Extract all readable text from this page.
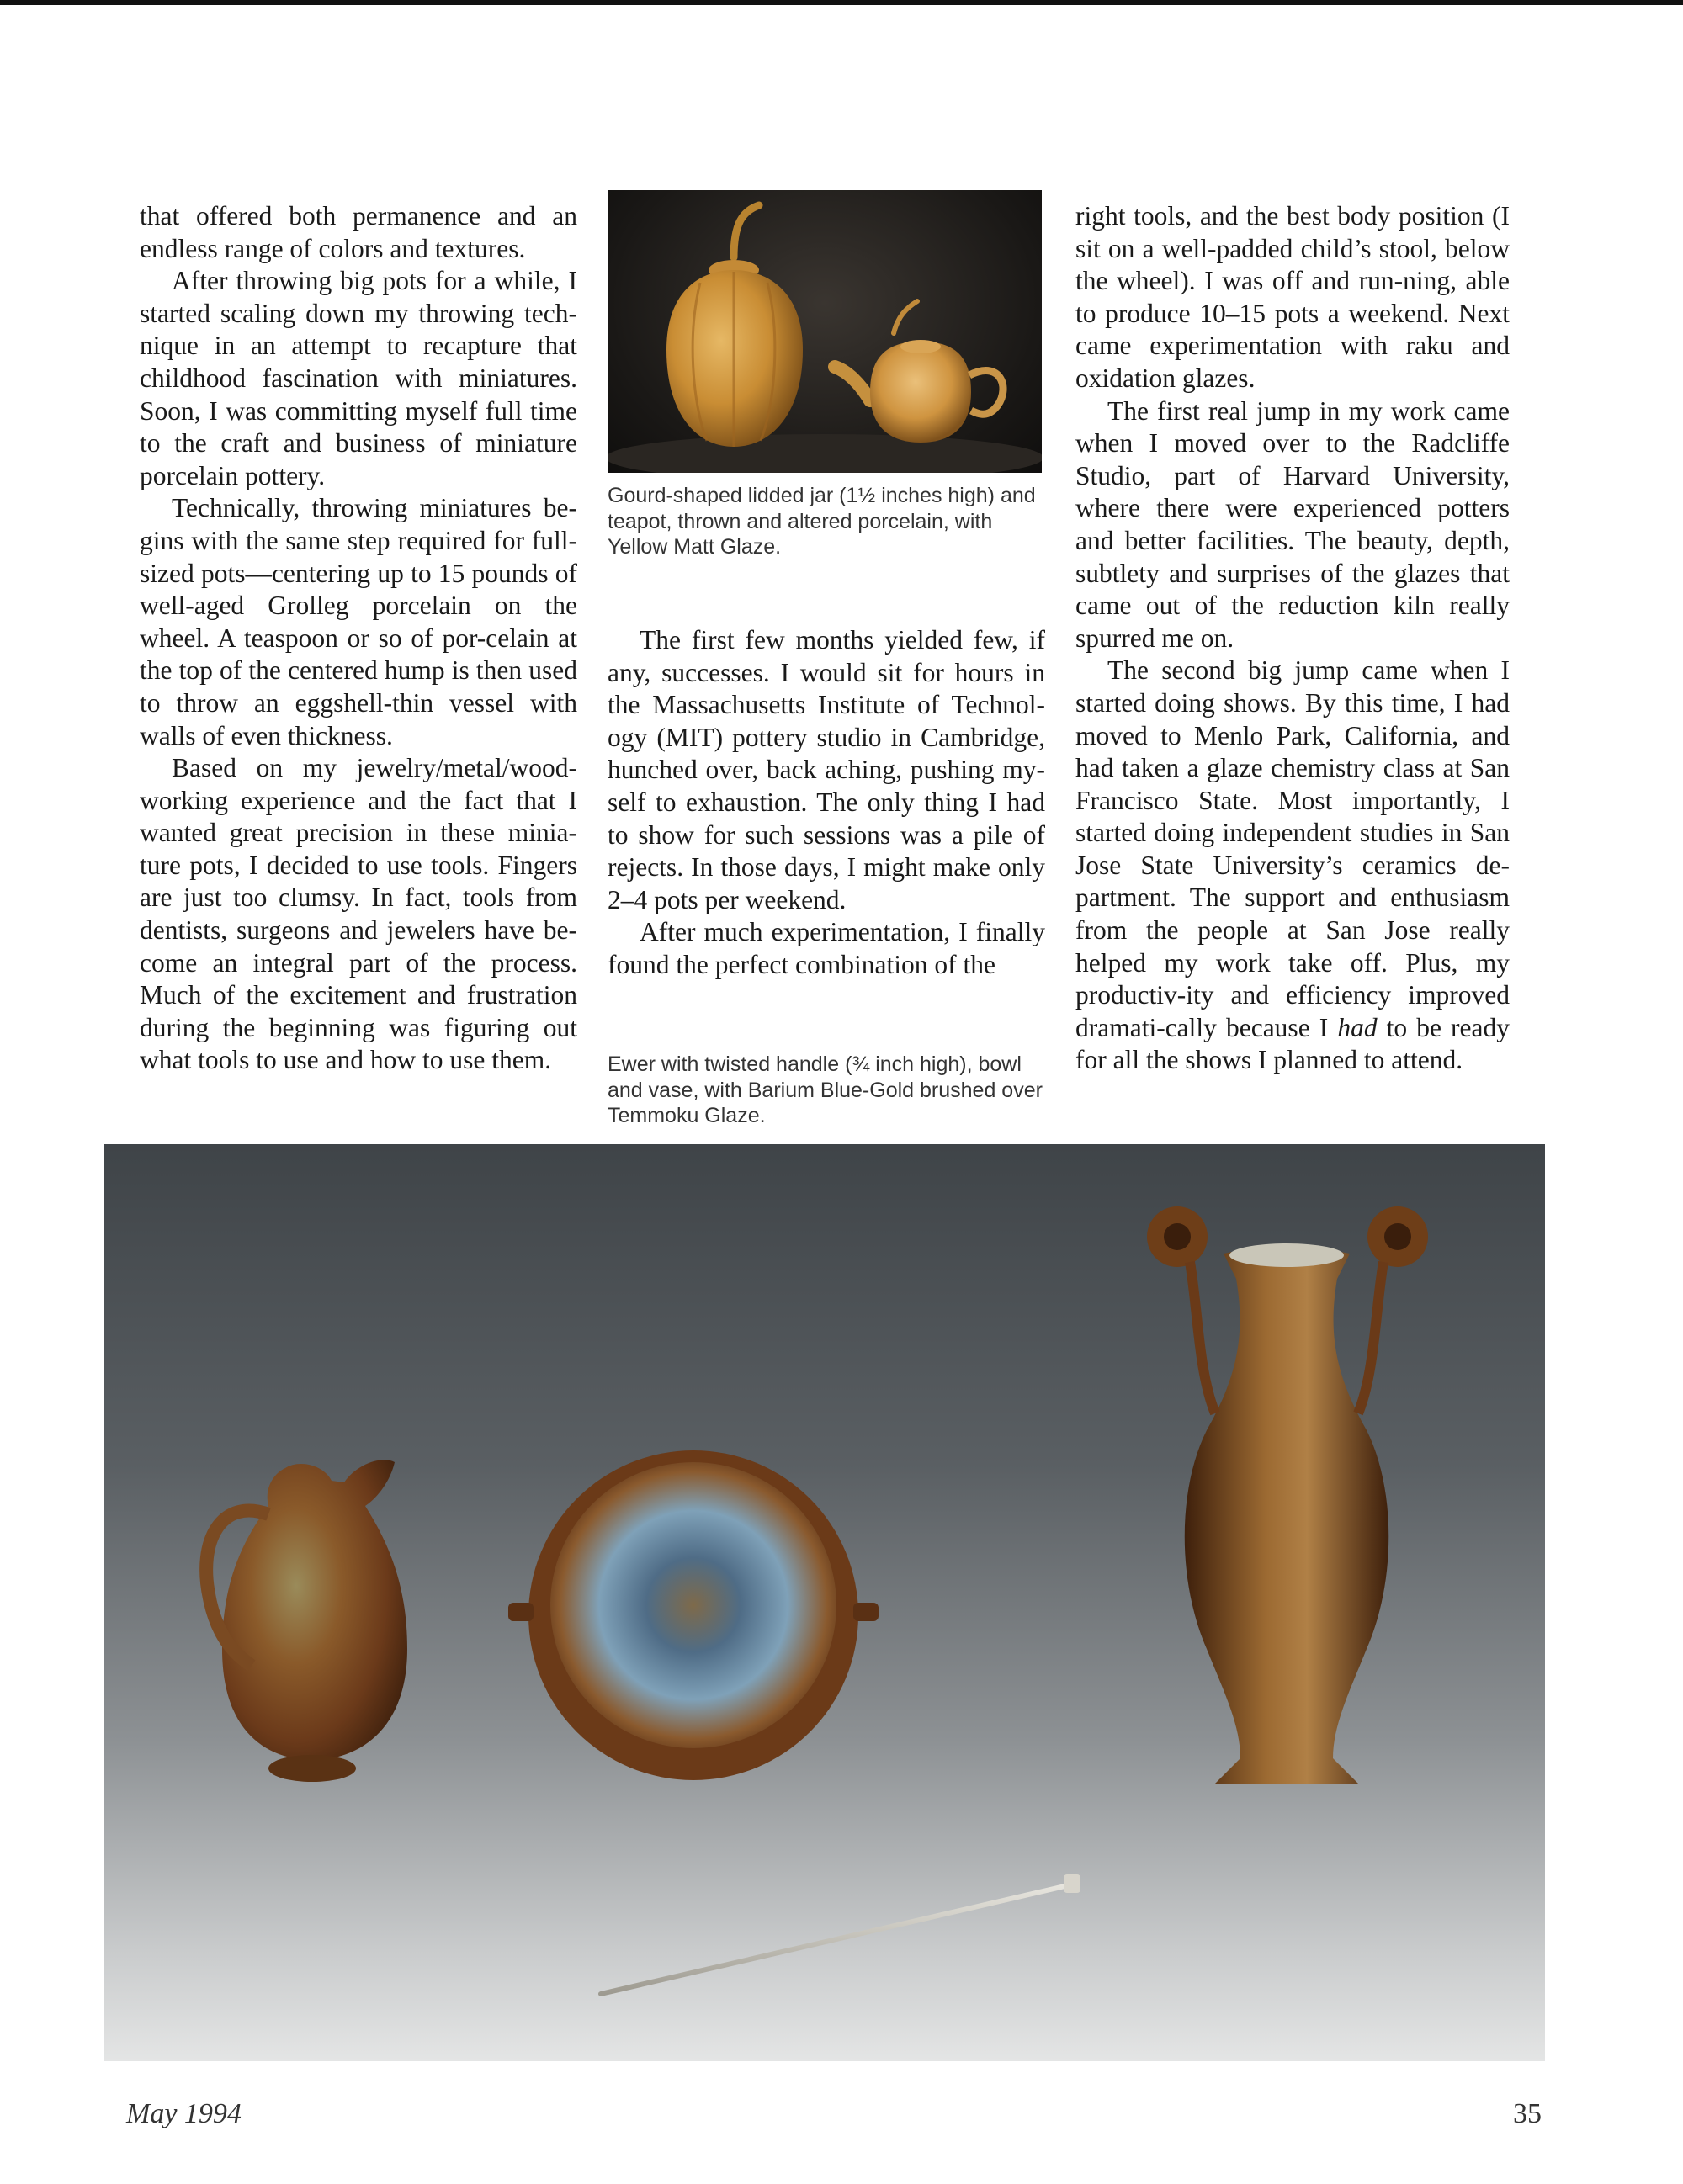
that offered both permanence and an endless range of colors and textures.

After throwing big pots for a while, I started scaling down my throwing tech-nique in an attempt to recapture that childhood fascination with miniatures. Soon, I was committing myself full time to the craft and business of miniature porcelain pottery.

Technically, throwing miniatures be-gins with the same step required for full-sized pots—centering up to 15 pounds of well-aged Grolleg porcelain on the wheel. A teaspoon or so of por-celain at the top of the centered hump is then used to throw an eggshell-thin vessel with walls of even thickness.

Based on my jewelry/metal/wood-working experience and the fact that I wanted great precision in these minia-ture pots, I decided to use tools. Fingers are just too clumsy. In fact, tools from dentists, surgeons and jewelers have be-come an integral part of the process. Much of the excitement and frustration during the beginning was figuring out what tools to use and how to use them.

Gourd-shaped lidded jar (1½ inches high) and teapot, thrown and altered porcelain, with Yellow Matt Glaze.

The first few months yielded few, if any, successes. I would sit for hours in the Massachusetts Institute of Technol-ogy (MIT) pottery studio in Cambridge, hunched over, back aching, pushing my-self to exhaustion. The only thing I had to show for such sessions was a pile of rejects. In those days, I might make only 2–4 pots per weekend.

After much experimentation, I finally found the perfect combination of the

Ewer with twisted handle (¾ inch high), bowl and vase, with Barium Blue-Gold brushed over Temmoku Glaze.

right tools, and the best body position (I sit on a well-padded child’s stool, below the wheel). I was off and run-ning, able to produce 10–15 pots a weekend. Next came experimentation with raku and oxidation glazes.

The first real jump in my work came when I moved over to the Radcliffe Studio, part of Harvard University, where there were experienced potters and better facilities. The beauty, depth, subtlety and surprises of the glazes that came out of the reduction kiln really spurred me on.

The second big jump came when I started doing shows. By this time, I had moved to Menlo Park, California, and had taken a glaze chemistry class at San Francisco State. Most importantly, I started doing independent studies in San Jose State University’s ceramics de-partment. The support and enthusiasm from the people at San Jose really helped my work take off. Plus, my productiv-ity and efficiency improved dramati-cally because I had to be ready for all the shows I planned to attend.

May 1994	35
